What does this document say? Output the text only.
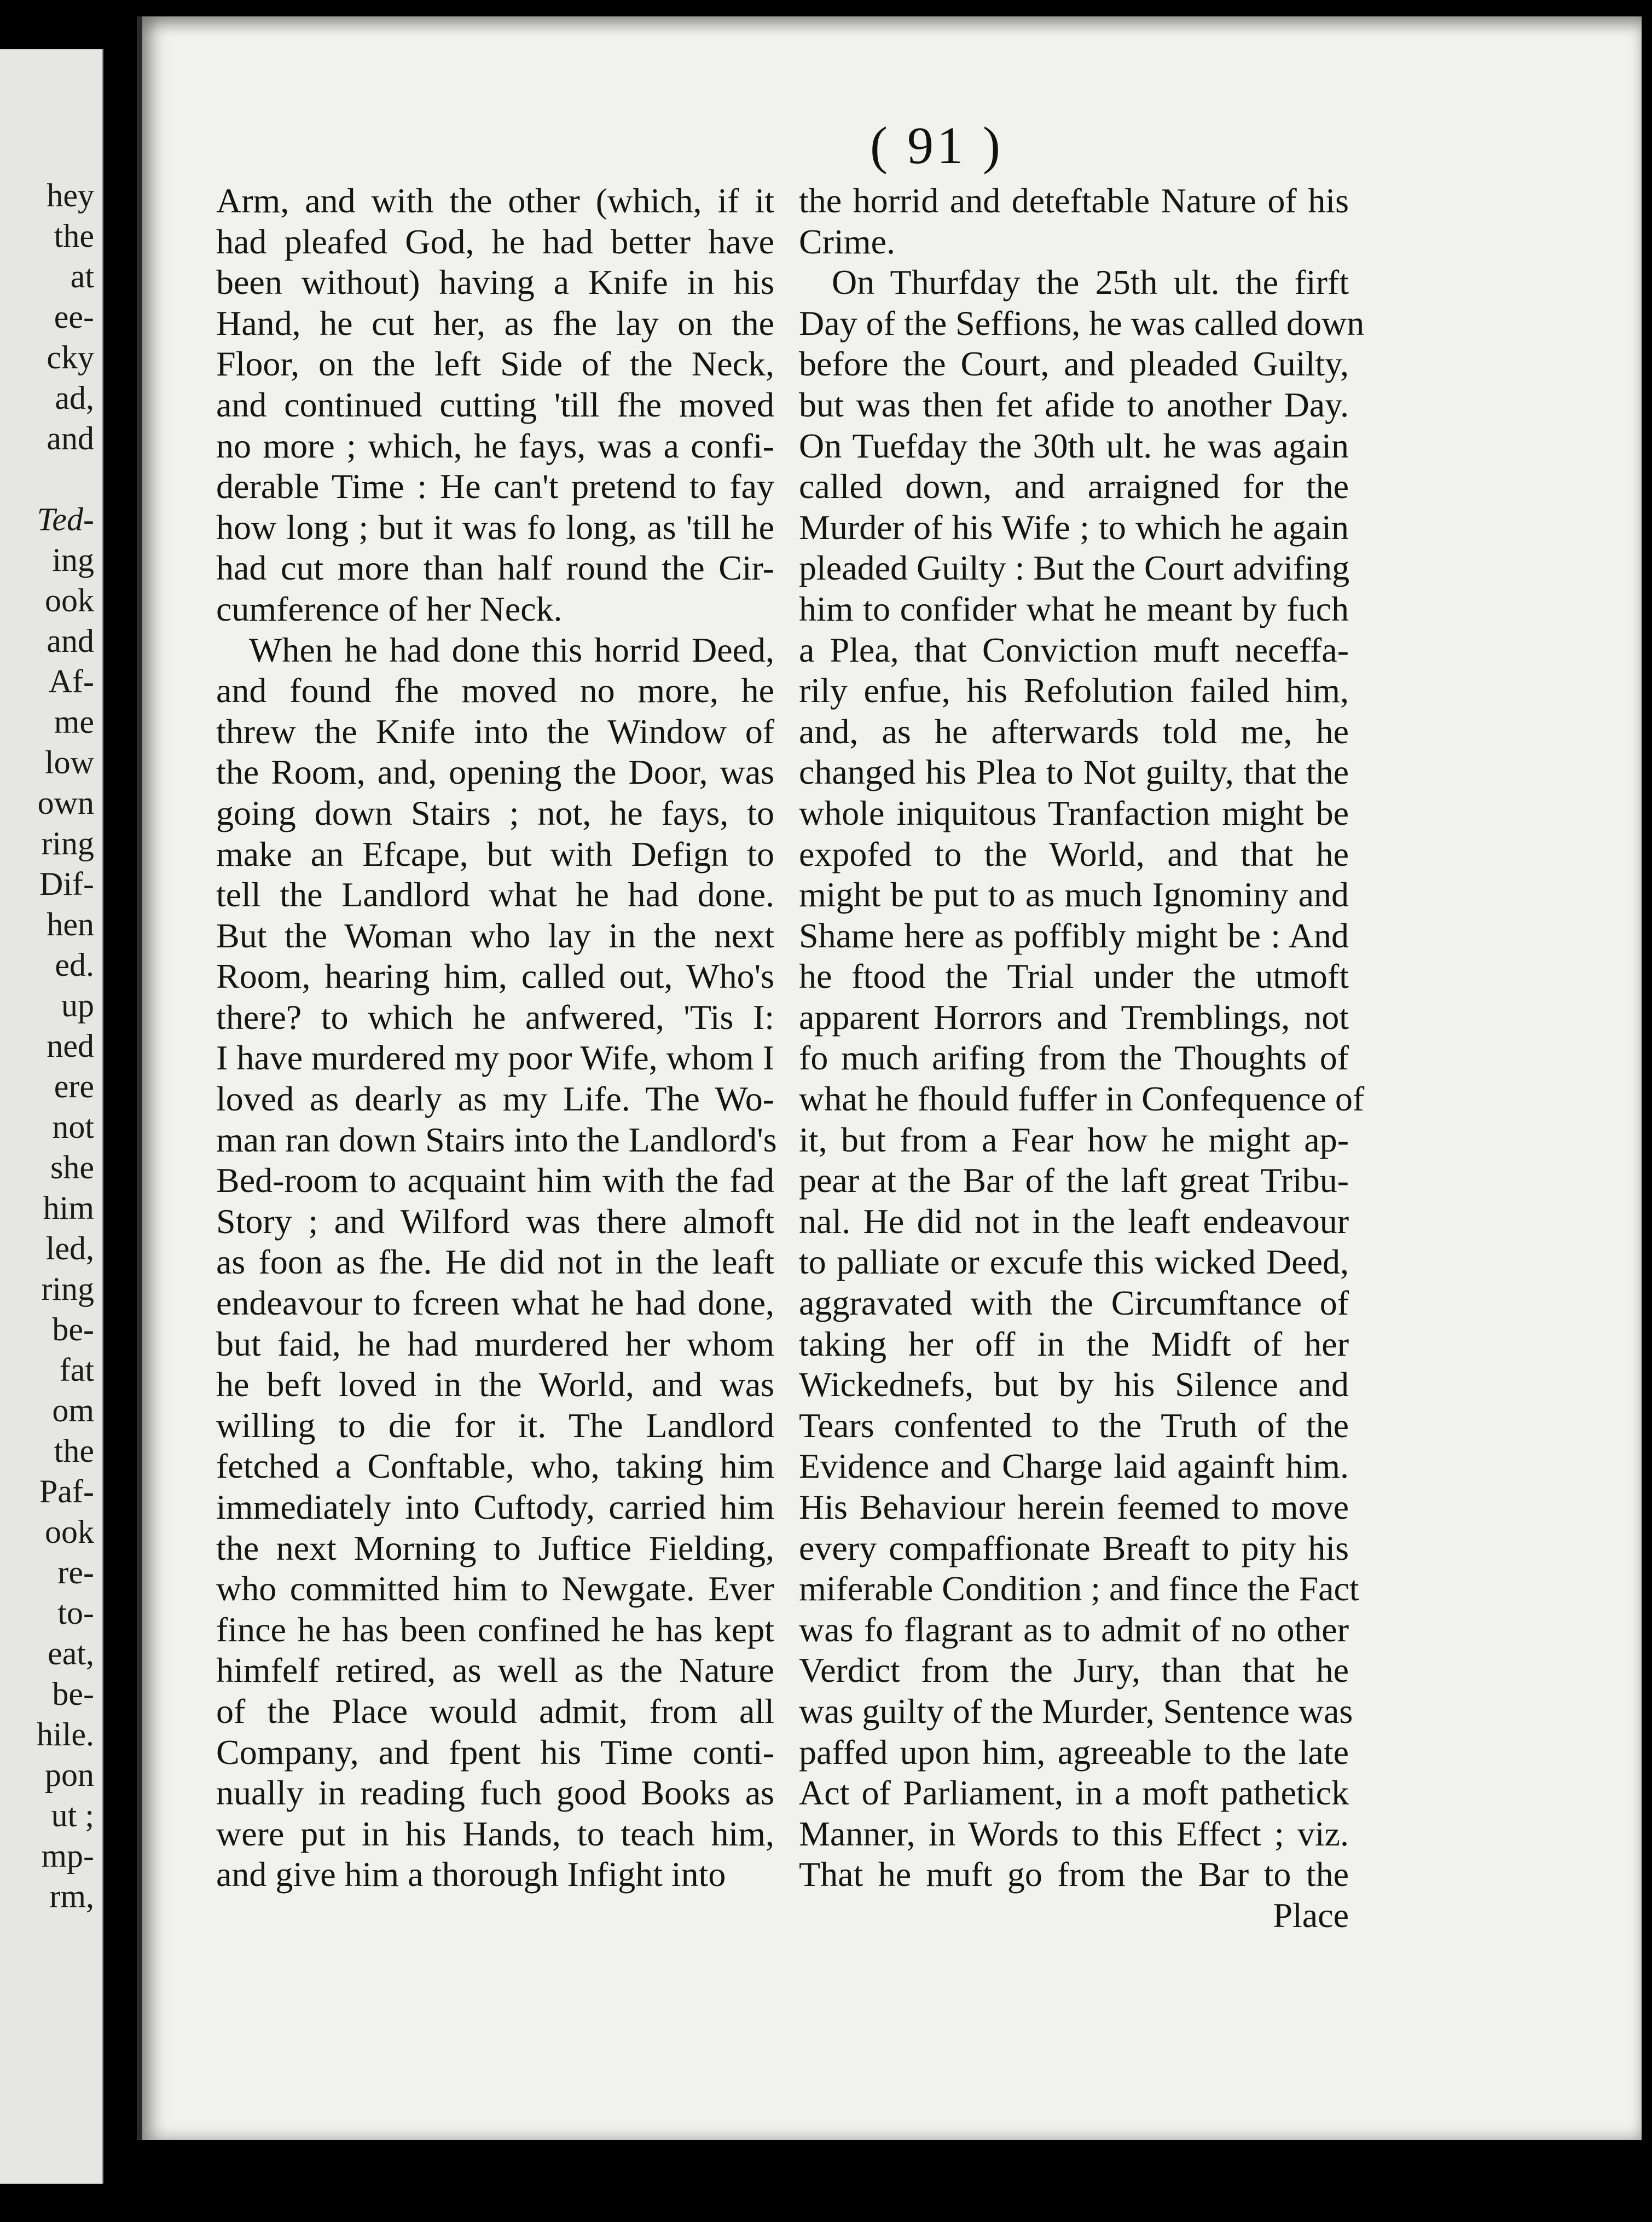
hey
the
at
ee-
cky
ad,
and
Ted-
ing
ook
and
Af-
me
low
own
ring
Dif-
hen
ed.
up
ned
ere
not
she
him
led,
ring
be-
fat
om
the
Paf-
ook
re-
to-
eat,
be-
hile.
pon
ut ;
mp-
rm,
( 91 )
Arm, and with the other (which, if it
had pleafed God, he had better have
been without) having a Knife in his
Hand, he cut her, as fhe lay on the
Floor, on the left Side of the Neck,
and continued cutting 'till fhe moved
no more ; which, he fays, was a confi-
derable Time : He can't pretend to fay
how long ; but it was fo long, as 'till he
had cut more than half round the Cir-
cumference of her Neck.
When he had done this horrid Deed,
and found fhe moved no more, he
threw the Knife into the Window of
the Room, and, opening the Door, was
going down Stairs ; not, he fays, to
make an Efcape, but with Defign to
tell the Landlord what he had done.
But the Woman who lay in the next
Room, hearing him, called out, Who's
there? to which he anfwered, 'Tis I:
I have murdered my poor Wife, whom I
loved as dearly as my Life. The Wo-
man ran down Stairs into the Landlord's
Bed-room to acquaint him with the fad
Story ; and Wilford was there almoft
as foon as fhe. He did not in the leaft
endeavour to fcreen what he had done,
but faid, he had murdered her whom
he beft loved in the World, and was
willing to die for it. The Landlord
fetched a Conftable, who, taking him
immediately into Cuftody, carried him
the next Morning to Juftice Fielding,
who committed him to Newgate. Ever
fince he has been confined he has kept
himfelf retired, as well as the Nature
of the Place would admit, from all
Company, and fpent his Time conti-
nually in reading fuch good Books as
were put in his Hands, to teach him,
and give him a thorough Infight into
the horrid and deteftable Nature of his
Crime.
On Thurfday the 25th ult. the firft
Day of the Seffions, he was called down
before the Court, and pleaded Guilty,
but was then fet afide to another Day.
On Tuefday the 30th ult. he was again
called down, and arraigned for the
Murder of his Wife ; to which he again
pleaded Guilty : But the Court advifing
him to confider what he meant by fuch
a Plea, that Conviction muft neceffa-
rily enfue, his Refolution failed him,
and, as he afterwards told me, he
changed his Plea to Not guilty, that the
whole iniquitous Tranfaction might be
expofed to the World, and that he
might be put to as much Ignominy and
Shame here as poffibly might be : And
he ftood the Trial under the utmoft
apparent Horrors and Tremblings, not
fo much arifing from the Thoughts of
what he fhould fuffer in Confequence of
it, but from a Fear how he might ap-
pear at the Bar of the laft great Tribu-
nal. He did not in the leaft endeavour
to palliate or excufe this wicked Deed,
aggravated with the Circumftance of
taking her off in the Midft of her
Wickednefs, but by his Silence and
Tears confented to the Truth of the
Evidence and Charge laid againft him.
His Behaviour herein feemed to move
every compaffionate Breaft to pity his
miferable Condition ; and fince the Fact
was fo flagrant as to admit of no other
Verdict from the Jury, than that he
was guilty of the Murder, Sentence was
paffed upon him, agreeable to the late
Act of Parliament, in a moft pathetick
Manner, in Words to this Effect ; viz.
That he muft go from the Bar to the
Place
